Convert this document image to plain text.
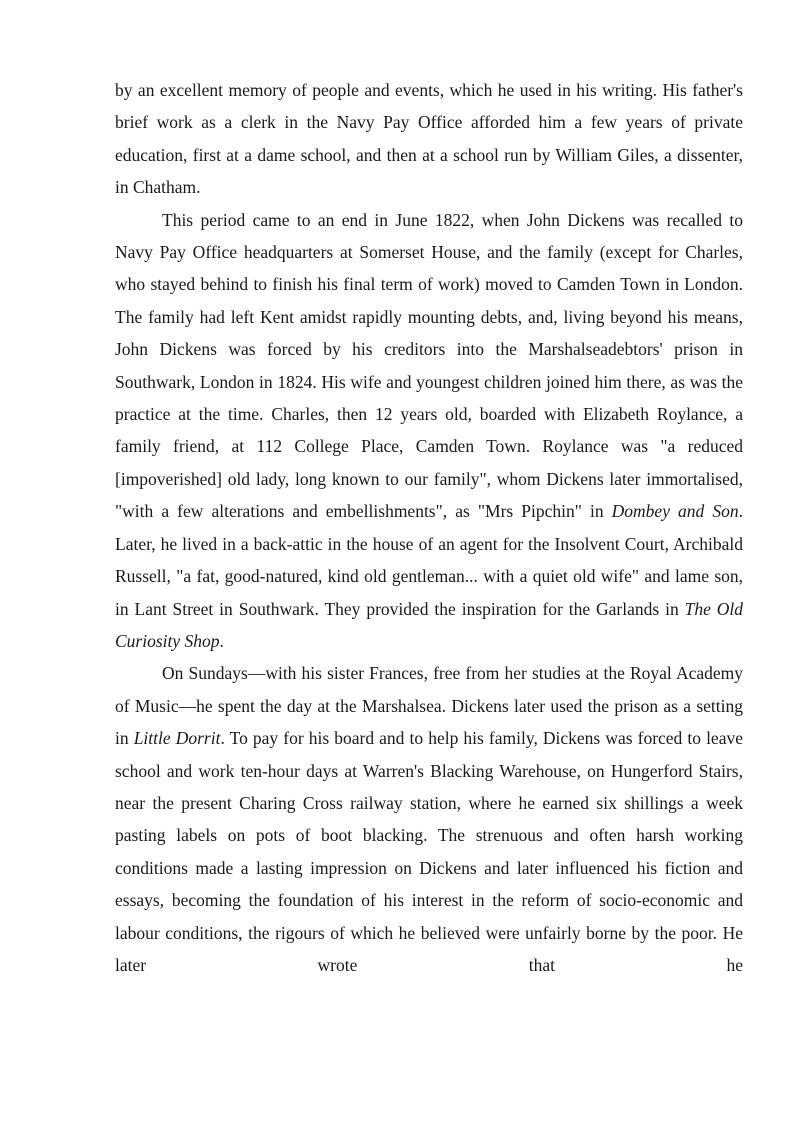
by an excellent memory of people and events, which he used in his writing. His father's brief work as a clerk in the Navy Pay Office afforded him a few years of private education, first at a dame school, and then at a school run by William Giles, a dissenter, in Chatham.

This period came to an end in June 1822, when John Dickens was recalled to Navy Pay Office headquarters at Somerset House, and the family (except for Charles, who stayed behind to finish his final term of work) moved to Camden Town in London. The family had left Kent amidst rapidly mounting debts, and, living beyond his means, John Dickens was forced by his creditors into the Marshalseadebtors' prison in Southwark, London in 1824. His wife and youngest children joined him there, as was the practice at the time. Charles, then 12 years old, boarded with Elizabeth Roylance, a family friend, at 112 College Place, Camden Town. Roylance was "a reduced [impoverished] old lady, long known to our family", whom Dickens later immortalised, "with a few alterations and embellishments", as "Mrs Pipchin" in Dombey and Son. Later, he lived in a back-attic in the house of an agent for the Insolvent Court, Archibald Russell, "a fat, good-natured, kind old gentleman... with a quiet old wife" and lame son, in Lant Street in Southwark. They provided the inspiration for the Garlands in The Old Curiosity Shop.

On Sundays—with his sister Frances, free from her studies at the Royal Academy of Music—he spent the day at the Marshalsea. Dickens later used the prison as a setting in Little Dorrit. To pay for his board and to help his family, Dickens was forced to leave school and work ten-hour days at Warren's Blacking Warehouse, on Hungerford Stairs, near the present Charing Cross railway station, where he earned six shillings a week pasting labels on pots of boot blacking. The strenuous and often harsh working conditions made a lasting impression on Dickens and later influenced his fiction and essays, becoming the foundation of his interest in the reform of socio-economic and labour conditions, the rigours of which he believed were unfairly borne by the poor. He later wrote that he
